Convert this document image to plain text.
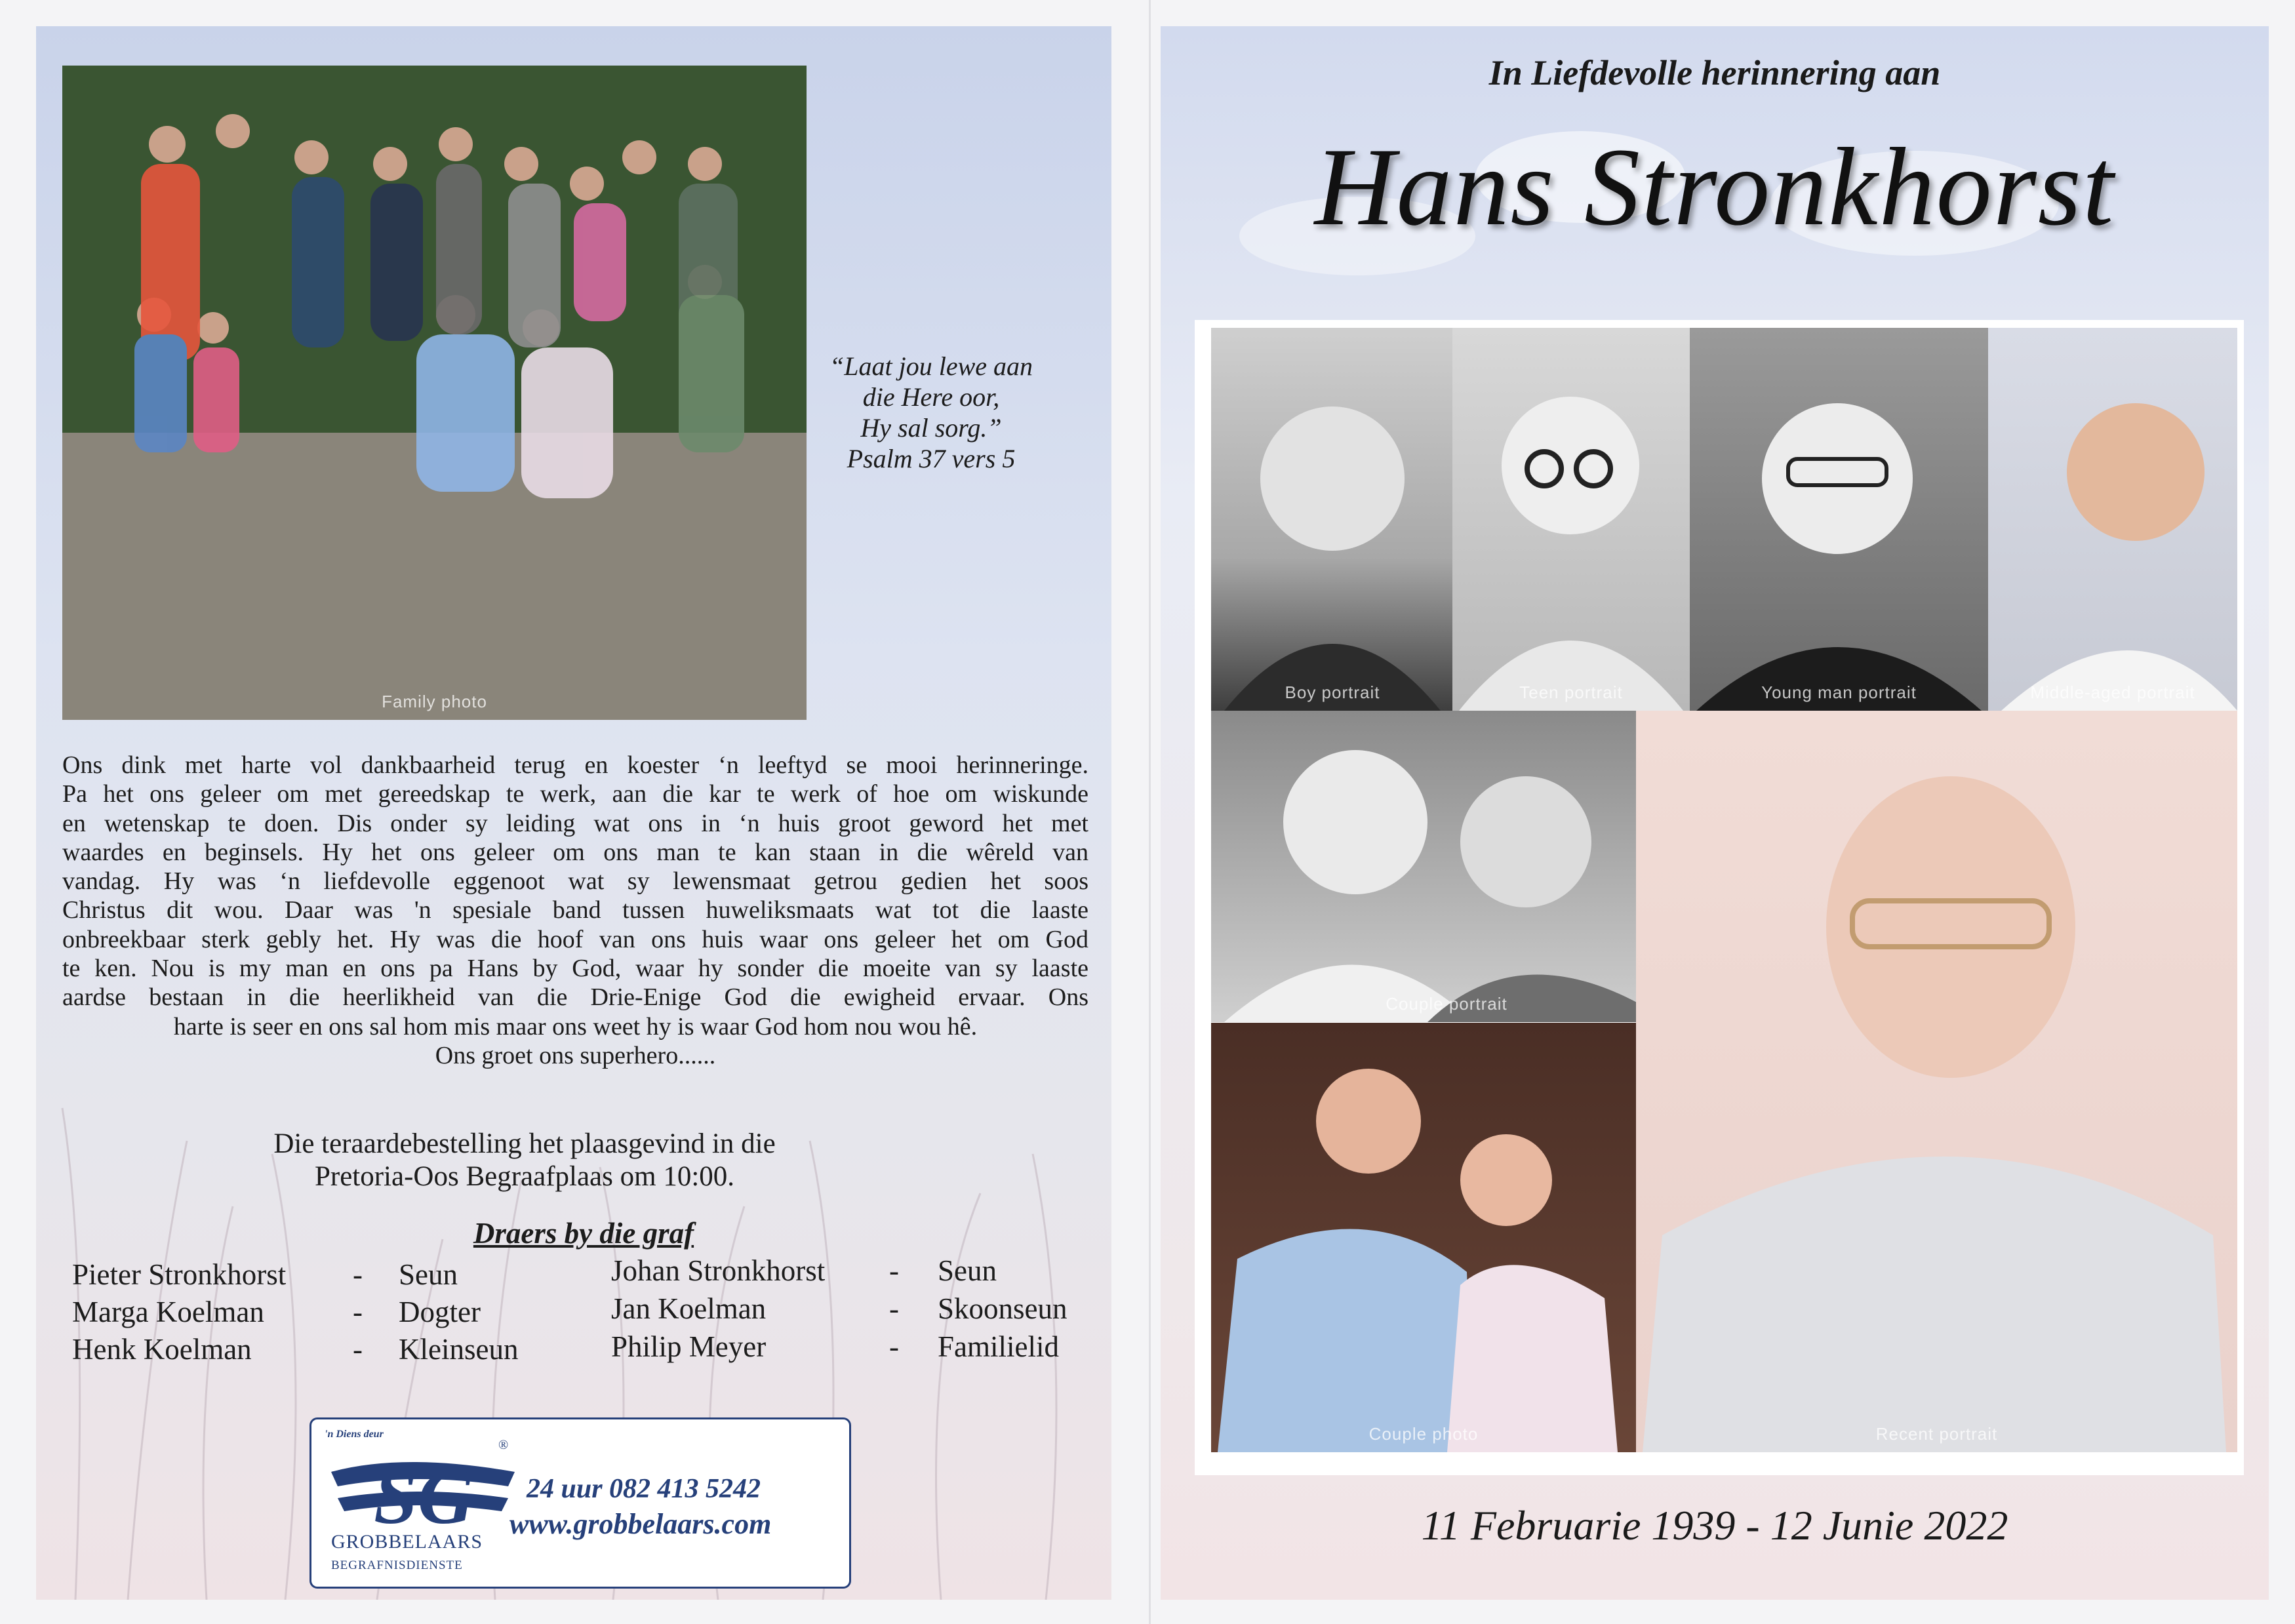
Family photo
“Laat jou lewe aan
die Here oor,
Hy sal sorg.”
Psalm 37 vers 5
Ons dink met harte vol dankbaarheid terug en koester ‘n leeftyd se mooi herinneringe.
Pa het ons geleer om met gereedskap te werk, aan die kar te werk of hoe om wiskunde
en wetenskap te doen. Dis onder sy leiding wat ons in ‘n huis groot geword het met
waardes en beginsels. Hy het ons geleer om ons man te kan staan in die wêreld van
vandag. Hy was ‘n liefdevolle eggenoot wat sy lewensmaat getrou gedien het soos
Christus dit wou. Daar was 'n spesiale band tussen huweliksmaats wat tot die laaste
onbreekbaar sterk gebly het. Hy was die hoof van ons huis waar ons geleer het om God
te ken. Nou is my man en ons pa Hans by God, waar hy sonder die moeite van sy laaste
aardse bestaan in die heerlikheid van die Drie-Enige God die ewigheid ervaar. Ons
harte is seer en ons sal hom mis maar ons weet hy is waar God hom nou wou hê.
Ons groet ons superhero......
Die teraardebestelling het plaasgevind in die
Pretoria-Oos Begraafplaas om 10:00.
Draers by die graf
Pieter Stronkhorst - Seun
Marga Koelman	- Dogter
Henk Koelman	- Kleinseun
Johan Stronkhorst - Seun
Jan Koelman	- Skoonseun
Philip Meyer	- Familielid
'n Diens deur
SG
®
GROBBELAARS
BEGRAFNISDIENSTE
24 uur 082 413 5242
www.grobbelaars.com
In Liefdevolle herinnering aan
Hans Stronkhorst
Boy portrait	Teen portrait	Young man portrait	Middle-aged portrait
Couple portrait
Couple photo	Recent portrait
11 Februarie 1939 - 12 Junie 2022
